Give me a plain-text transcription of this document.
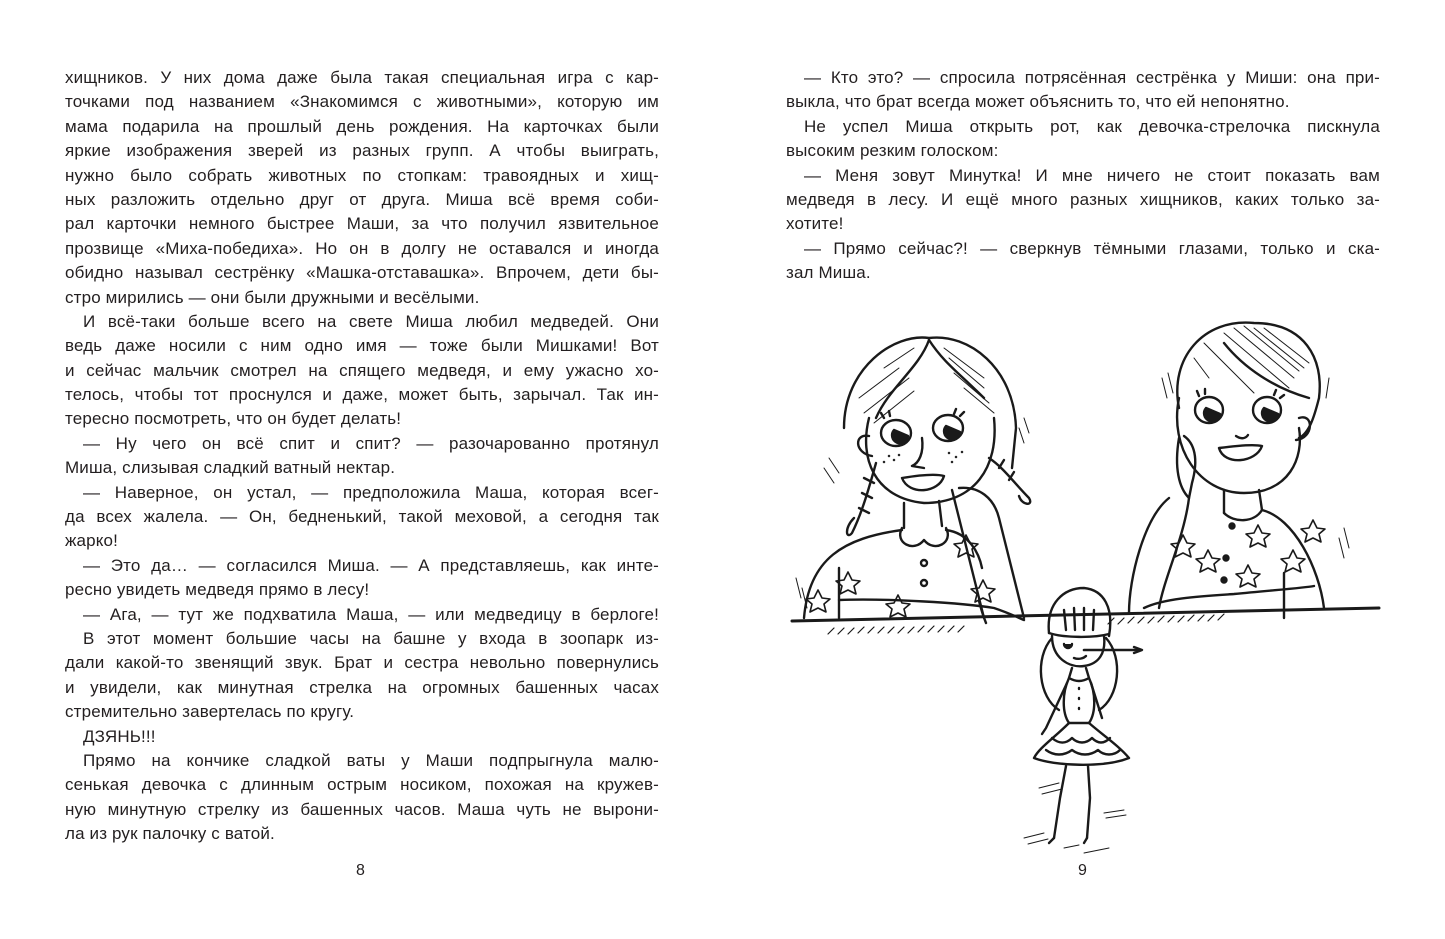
хищников. У них дома даже была такая специальная игра с кар-
точками под названием «Знакомимся с животными», которую им
мама подарила на прошлый день рождения. На карточках были
яркие изображения зверей из разных групп. А чтобы выиграть,
нужно было собрать животных по стопкам: травоядных и хищ-
ных разложить отдельно друг от друга. Миша всё время соби-
рал карточки немного быстрее Маши, за что получил язвительное
прозвище «Миха-победиха». Но он в долгу не оставался и иногда
обидно называл сестрёнку «Машка-отставашка». Впрочем, дети бы-
стро мирились — они были дружными и весёлыми.
И всё-таки больше всего на свете Миша любил медведей. Они
ведь даже носили с ним одно имя — тоже были Мишками! Вот
и сейчас мальчик смотрел на спящего медведя, и ему ужасно хо-
телось, чтобы тот проснулся и даже, может быть, зарычал. Так ин-
тересно посмотреть, что он будет делать!
— Ну чего он всё спит и спит? — разочарованно протянул
Миша, слизывая сладкий ватный нектар.
— Наверное, он устал, — предположила Маша, которая всег-
да всех жалела. — Он, бедненький, такой меховой, а сегодня так
жарко!
— Это да… — согласился Миша. — А представляешь, как инте-
ресно увидеть медведя прямо в лесу!
— Ага, — тут же подхватила Маша, — или медведицу в берлоге!
В этот момент большие часы на башне у входа в зоопарк из-
дали какой-то звенящий звук. Брат и сестра невольно повернулись
и увидели, как минутная стрелка на огромных башенных часах
стремительно завертелась по кругу.
ДЗЯНЬ!!!
Прямо на кончике сладкой ваты у Маши подпрыгнула малю-
сенькая девочка с длинным острым носиком, похожая на кружев-
ную минутную стрелку из башенных часов. Маша чуть не вырони-
ла из рук палочку с ватой.
8
— Кто это? — спросила потрясённая сестрёнка у Миши: она при-
выкла, что брат всегда может объяснить то, что ей непонятно.
Не успел Миша открыть рот, как девочка-стрелочка пискнула
высоким резким голоском:
— Меня зовут Минутка! И мне ничего не стоит показать вам
медведя в лесу. И ещё много разных хищников, каких только за-
хотите!
— Прямо сейчас?! — сверкнув тёмными глазами, только и ска-
зал Миша.
9
